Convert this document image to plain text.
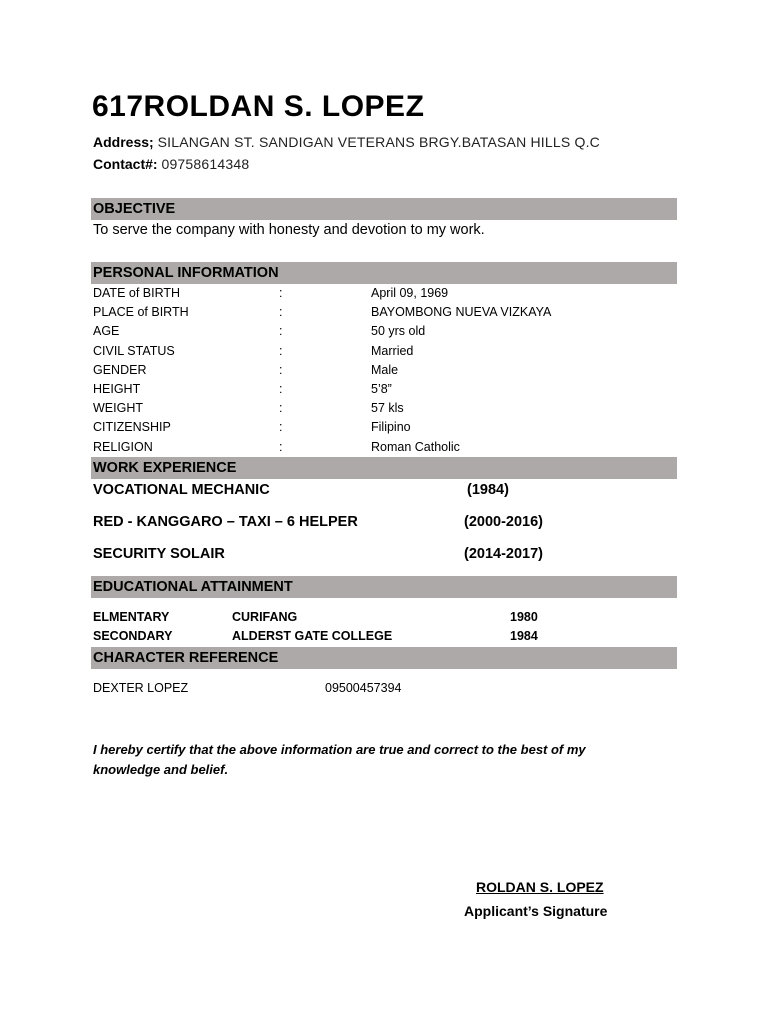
617ROLDAN S. LOPEZ
Address; SILANGAN ST. SANDIGAN VETERANS BRGY.BATASAN HILLS Q.C
Contact#: 09758614348
OBJECTIVE
To serve the company with honesty and devotion to my work.
PERSONAL INFORMATION
DATE of BIRTH	:	April 09, 1969
PLACE of BIRTH	:	BAYOMBONG NUEVA VIZKAYA
AGE	:	50 yrs old
CIVIL STATUS	:	Married
GENDER	:	Male
HEIGHT	:	5’8”
WEIGHT	:	57 kls
CITIZENSHIP	:	Filipino
RELIGION	:	Roman Catholic
WORK EXPERIENCE
VOCATIONAL MECHANIC	(1984)
RED - KANGGARO – TAXI – 6 HELPER	(2000-2016)
SECURITY SOLAIR	(2014-2017)
EDUCATIONAL ATTAINMENT
ELMENTARY	CURIFANG	1980
SECONDARY	ALDERST GATE COLLEGE	1984
CHARACTER REFERENCE
DEXTER LOPEZ	09500457394
I hereby certify that the above information are true and correct to the best of my knowledge and belief.
ROLDAN S. LOPEZ
Applicant’s Signature
